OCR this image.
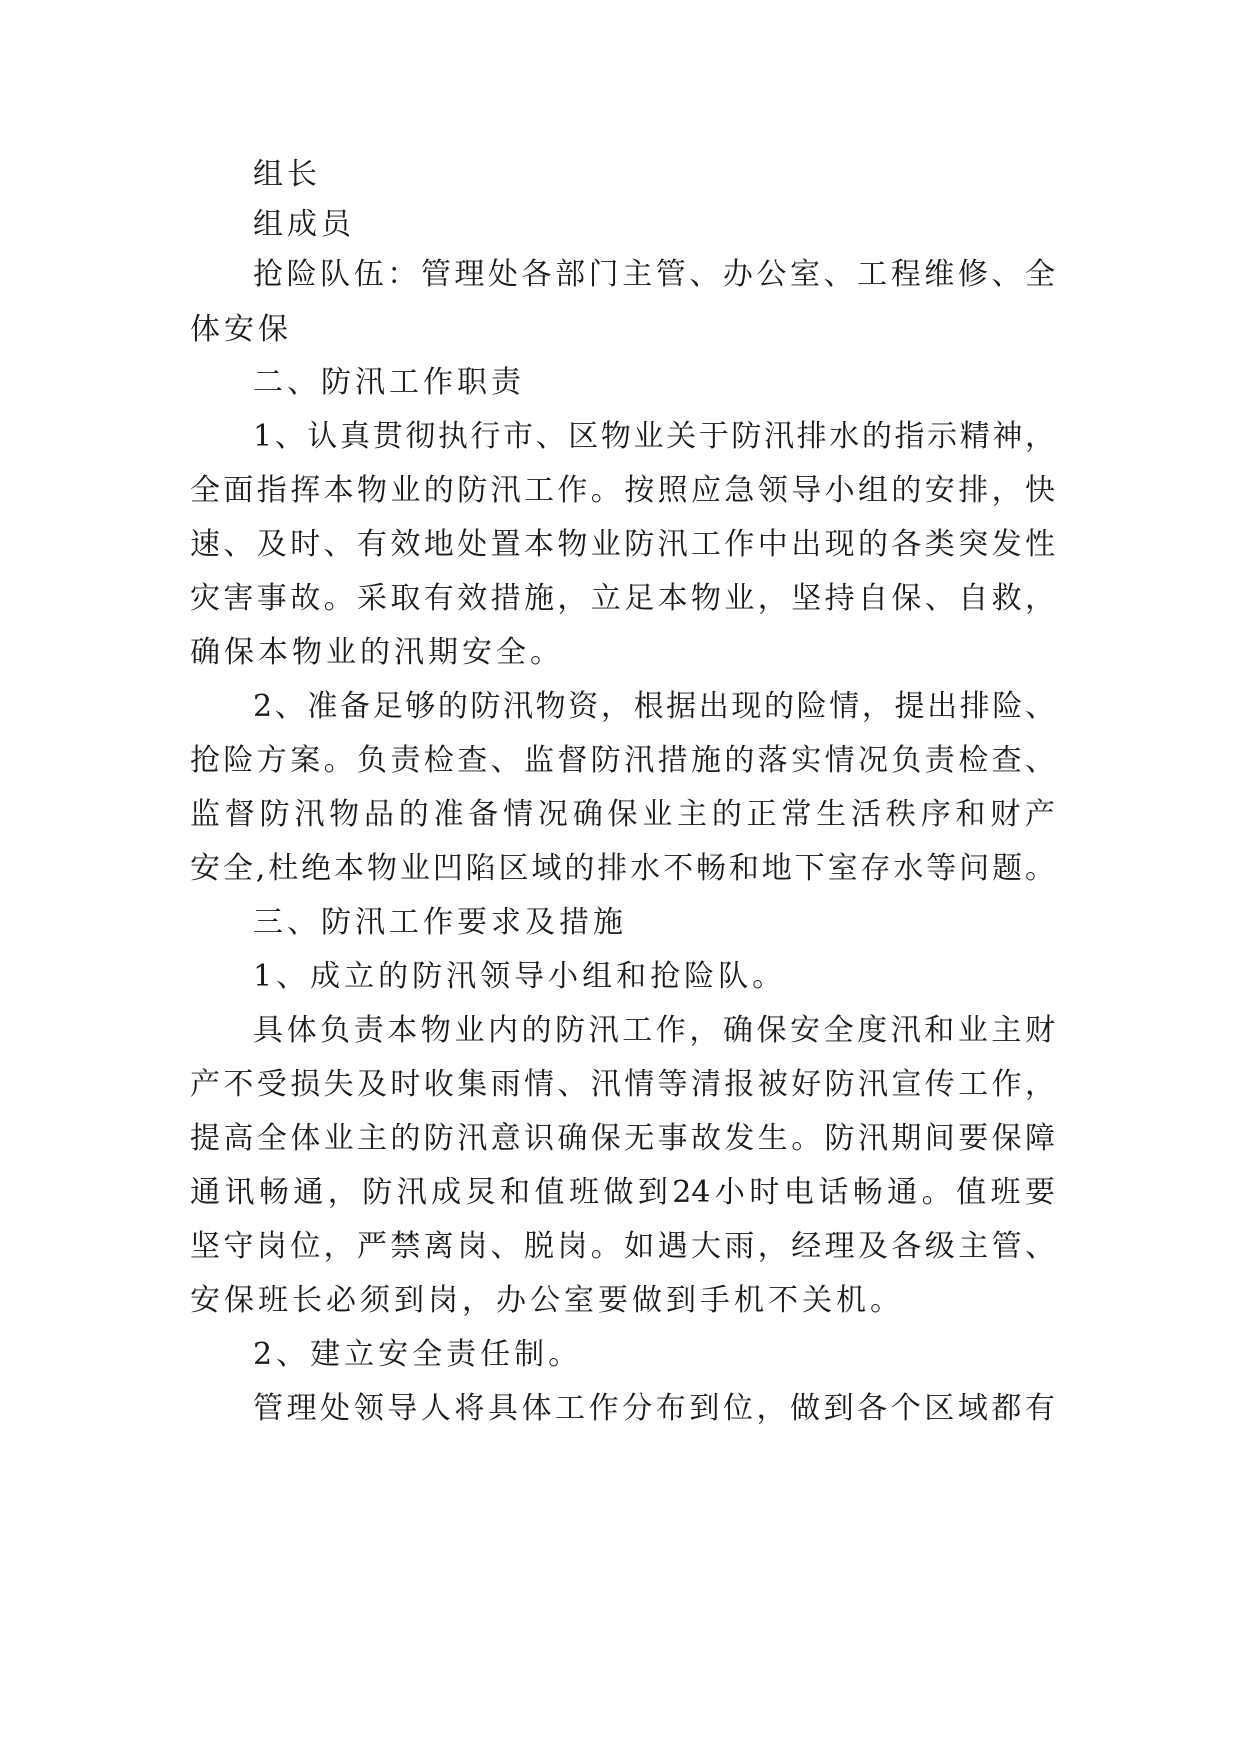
组长
组成员
抢险队伍：管理处各部门主管、办公室、工程维修、全
体安保
二、防汛工作职责
1、认真贯彻执行市、区物业关于防汛排水的指示精神，
全面指挥本物业的防汛工作。按照应急领导小组的安排，快
速、及时、有效地处置本物业防汛工作中出现的各类突发性
灾害事故。采取有效措施，立足本物业，坚持自保、自救，
确保本物业的汛期安全。
2、准备足够的防汛物资，根据出现的险情，提出排险、
抢险方案。负责检查、监督防汛措施的落实情况负责检查、
监督防汛物品的准备情况确保业主的正常生活秩序和财产
安全,杜绝本物业凹陷区域的排水不畅和地下室存水等问题。
三、防汛工作要求及措施
1、成立的防汛领导小组和抢险队。
具体负责本物业内的防汛工作，确保安全度汛和业主财
产不受损失及时收集雨情、汛情等清报被好防汛宣传工作，
提高全体业主的防汛意识确保无事故发生。防汛期间要保障
通讯畅通，防汛成炅和值班做到24小时电话畅通。值班要
坚守岗位，严禁离岗、脱岗。如遇大雨，经理及各级主管、
安保班长必须到岗，办公室要做到手机不关机。
2、建立安全责任制。
管理处领导人将具体工作分布到位，做到各个区域都有
